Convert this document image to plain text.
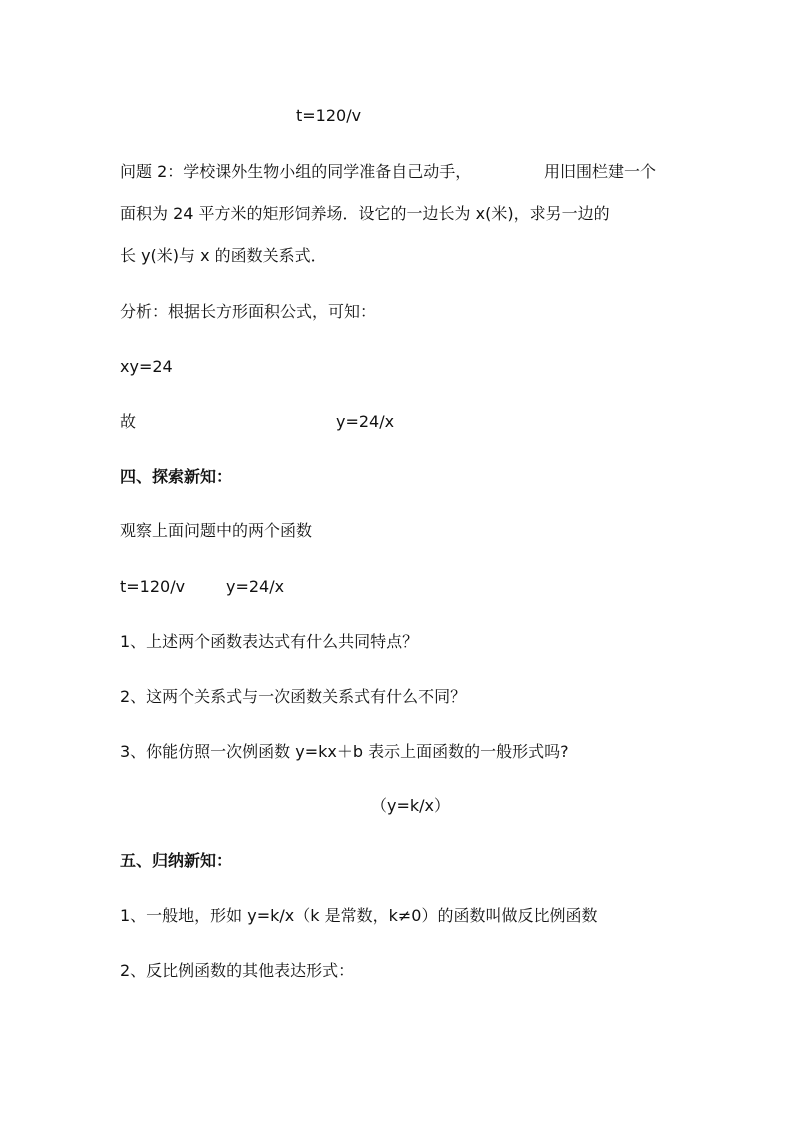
t=120/v
问题 2：学校课外生物小组的同学准备自己动手，	用旧围栏建一个
面积为 24 平方米的矩形饲养场．设它的一边长为 x(米)，求另一边的
长 y(米)与 x 的函数关系式．
分析：根据长方形面积公式，可知：
xy=24
故	y=24/x
四、探索新知：
观察上面问题中的两个函数
t=120/v	y=24/x
1、上述两个函数表达式有什么共同特点？
2、这两个关系式与一次函数关系式有什么不同？
3、你能仿照一次例函数 y=kx＋b 表示上面函数的一般形式吗?
（y=k/x）
五、归纳新知：
1、一般地，形如 y=k/x（k 是常数，k≠0）的函数叫做反比例函数
2、反比例函数的其他表达形式：
